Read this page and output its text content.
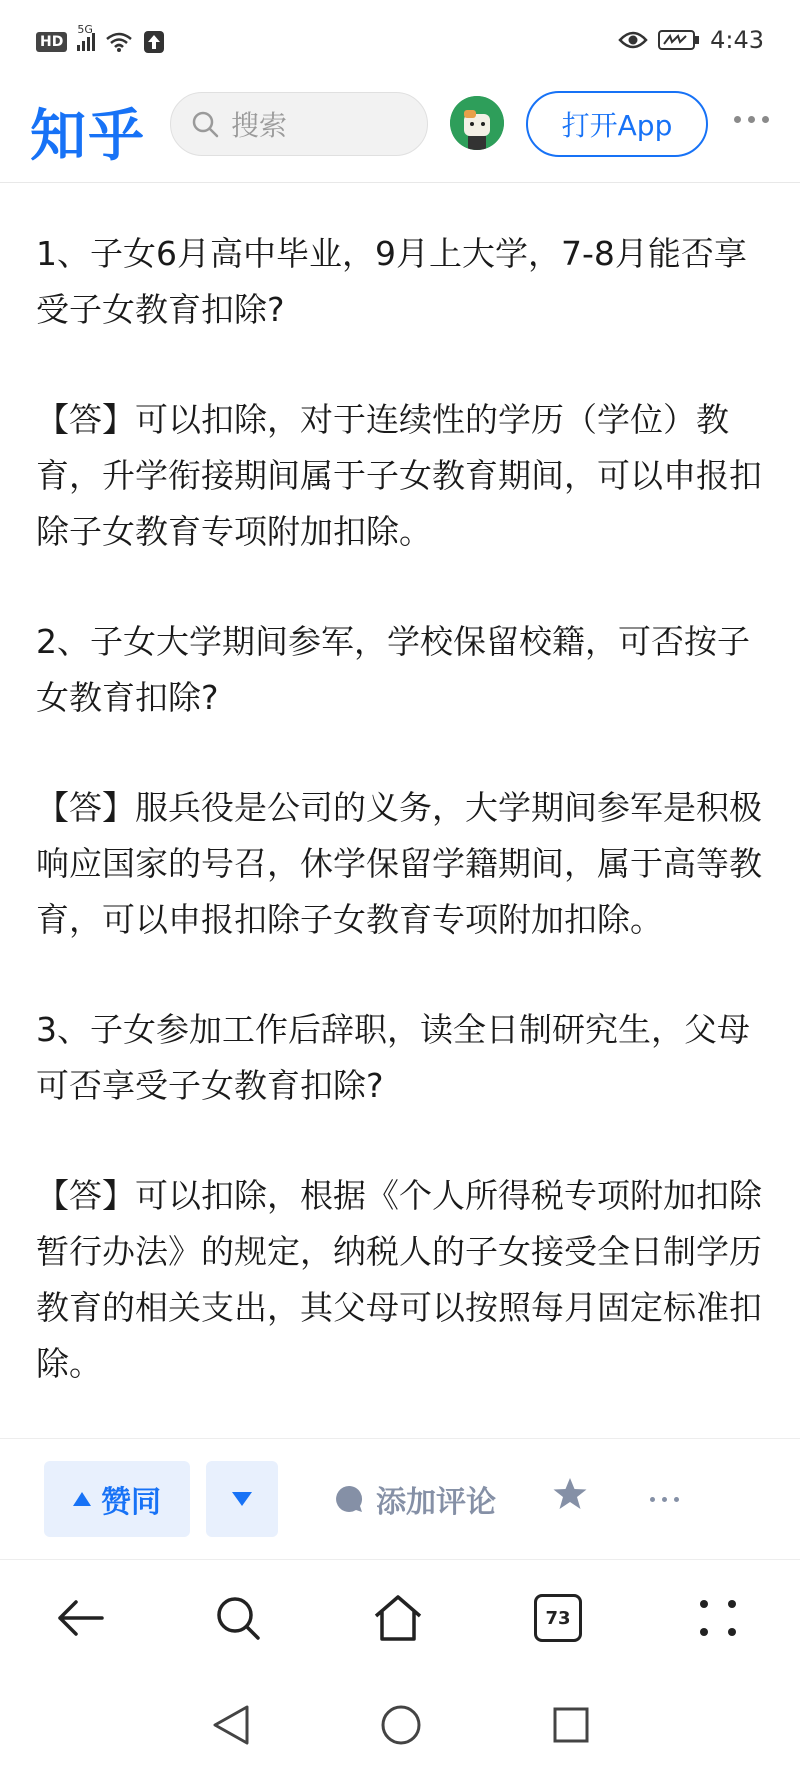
HD
5G	4:43
知乎	搜索	打开App

1、子女6月高中毕业，9月上大学，7-8月能否享受子女教育扣除?

【答】可以扣除，对于连续性的学历（学位）教育，升学衔接期间属于子女教育期间，可以申报扣除子女教育专项附加扣除。

2、子女大学期间参军，学校保留校籍，可否按子女教育扣除?

【答】服兵役是公司的义务，大学期间参军是积极响应国家的号召，休学保留学籍期间，属于高等教育，可以申报扣除子女教育专项附加扣除。

3、子女参加工作后辞职，读全日制研究生，父母可否享受子女教育扣除?

【答】可以扣除，根据《个人所得税专项附加扣除暂行办法》的规定，纳税人的子女接受全日制学历教育的相关支出，其父母可以按照每月固定标准扣除。

赞同	添加评论
73
